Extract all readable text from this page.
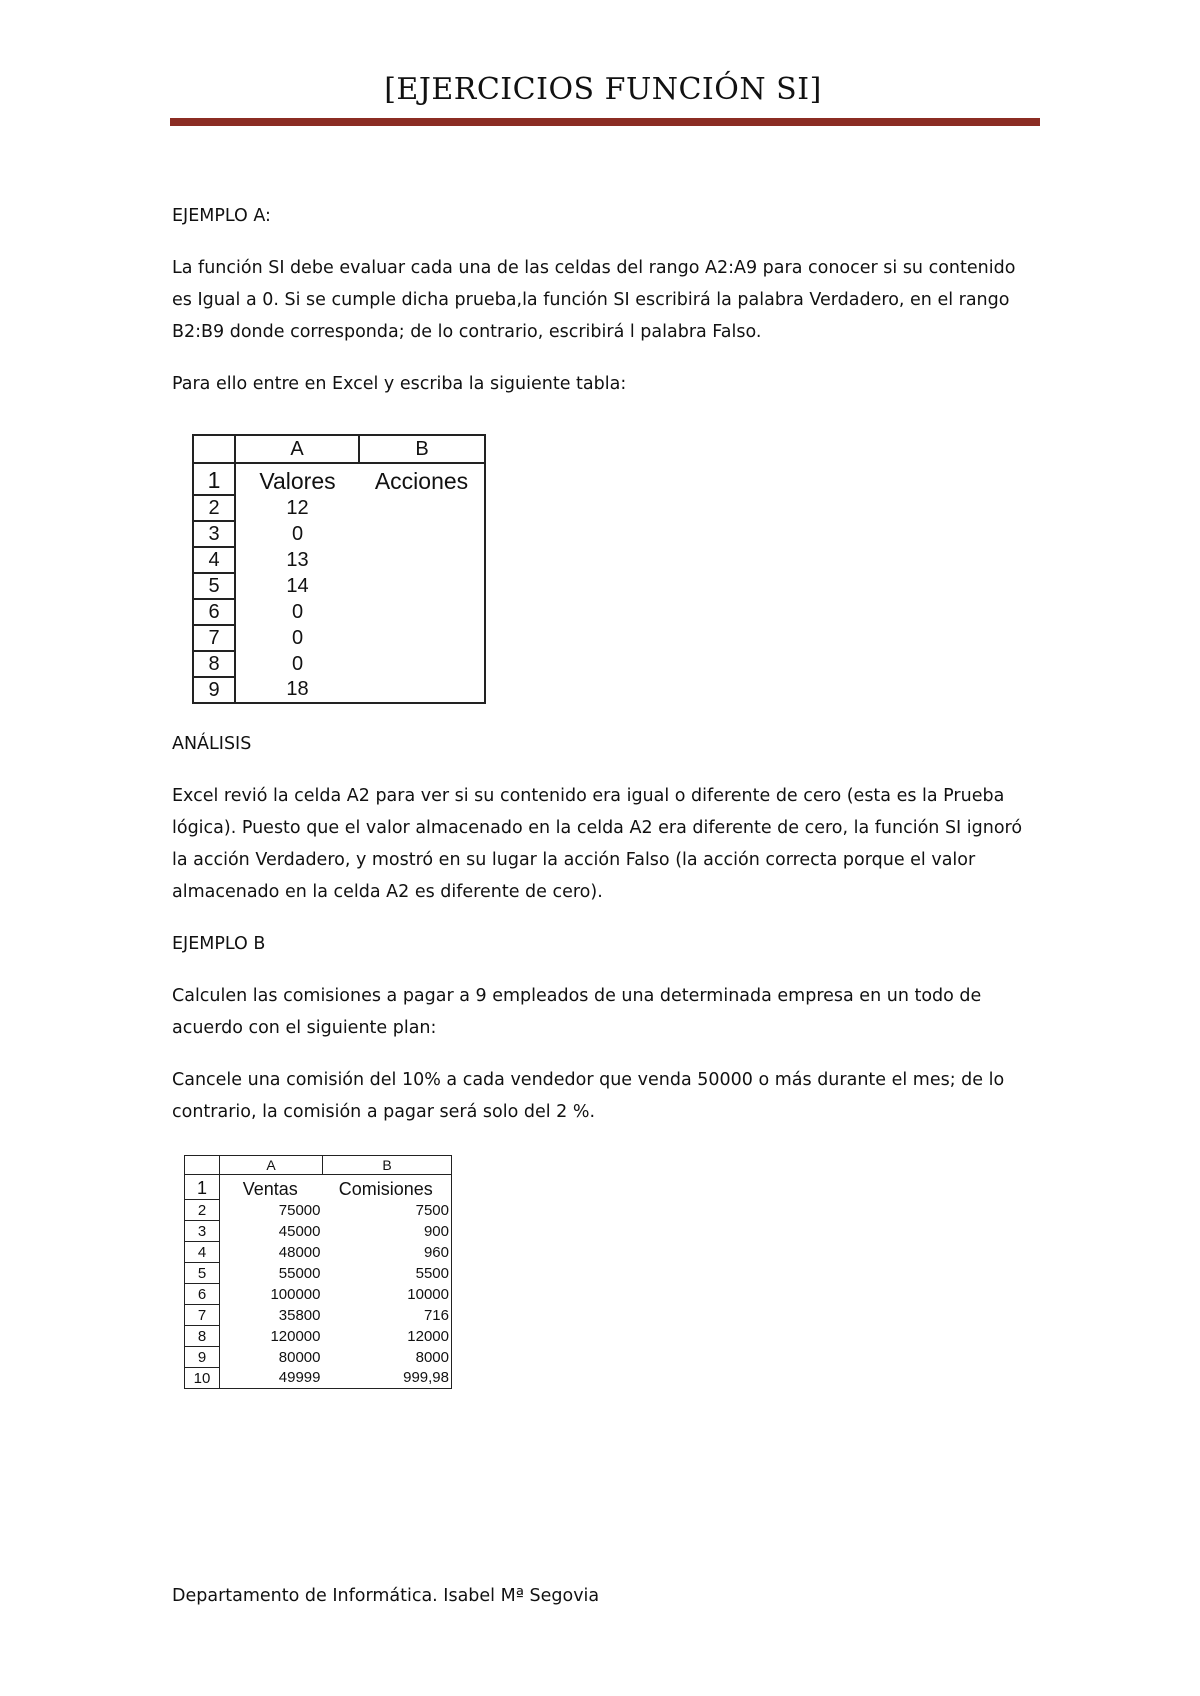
[EJERCICIOS FUNCIÓN SI]

EJEMPLO A:

La función SI debe evaluar cada una de las celdas del rango A2:A9 para conocer si su contenido es Igual a 0. Si se cumple dicha prueba,la función SI escribirá la palabra Verdadero, en el rango B2:B9 donde corresponda; de lo contrario, escribirá l palabra Falso.

Para ello entre en Excel y escriba la siguiente tabla:

	A	B
1	Valores	Acciones
2	12	
3	0	
4	13	
5	14	
6	0	
7	0	
8	0	
9	18	

ANÁLISIS

Excel revió la celda A2 para ver si su contenido era igual o diferente de cero (esta es la Prueba lógica). Puesto que el valor almacenado en la celda A2 era diferente de cero, la función SI ignoró la acción Verdadero, y mostró en su lugar la acción Falso (la acción correcta porque el valor almacenado en la celda A2 es diferente de cero).

EJEMPLO B

Calculen las comisiones a pagar a 9 empleados de una determinada empresa en un todo de acuerdo con el siguiente plan:

Cancele una comisión del 10% a cada vendedor que venda 50000 o más durante el mes; de lo contrario, la comisión a pagar será solo del 2 %.

	A	B
1	Ventas	Comisiones
2	75000	7500
3	45000	900
4	48000	960
5	55000	5500
6	100000	10000
7	35800	716
8	120000	12000
9	80000	8000
10	49999	999,98
Departamento de Informática. Isabel Mª Segovia
